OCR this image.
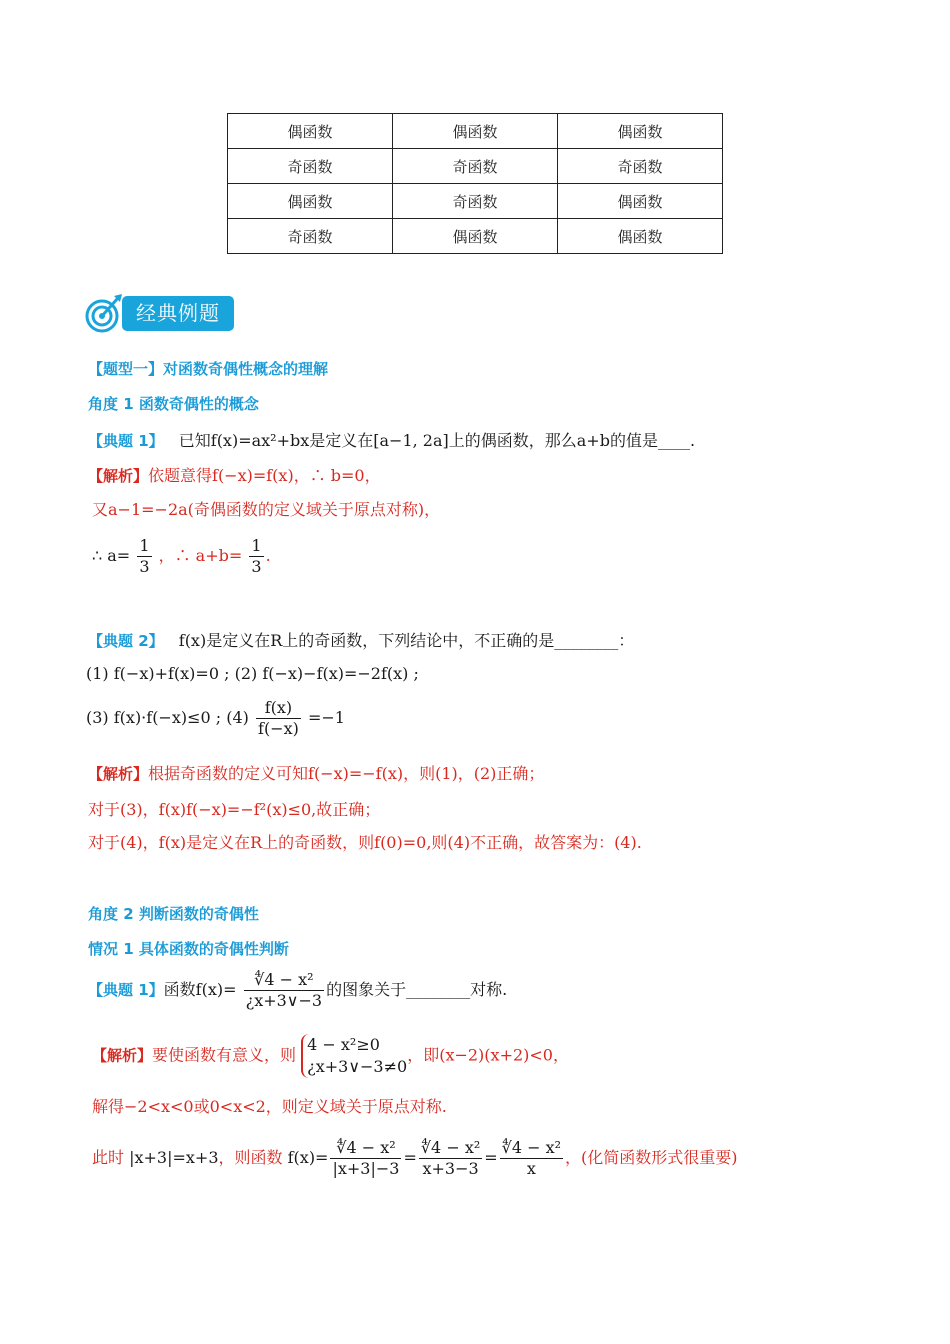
偶函数	偶函数	偶函数
奇函数	奇函数	奇函数
偶函数	奇函数	偶函数
奇函数	偶函数	偶函数
经典例题
【题型一】对函数奇偶性概念的理解
角度 1 函数奇偶性的概念
【典题 1】 已知f(x)=ax²+bx是定义在[a−1, 2a]上的偶函数，那么a+b的值是____.
【解析】依题意得f(−x)=f(x)，∴ b=0，
又a−1=−2a(奇偶函数的定义域关于原点对称)，
∴ $a= \frac{1}{3}$ ，∴ $a+b= \frac{1}{3}$ .
【典题 2】 f(x)是定义在R上的奇函数，下列结论中，不正确的是________：
(1) f(−x)+f(x)=0 ; (2) f(−x)−f(x)=−2f(x) ;
(3) f(x)·f(−x)≤0 ; $(4) \frac{f(x)}{f(-x)} =-1$
【解析】根据奇函数的定义可知f(−x)=−f(x)，则(1)，(2)正确；
对于(3)，f(x)f(−x)=−f²(x)≤0,故正确；
对于(4)，f(x)是定义在R上的奇函数，则f(0)=0,则(4)不正确，故答案为：(4).
角度 2 判断函数的奇偶性
情况 1 具体函数的奇偶性判断
【典题 1】函数$f(x)= \frac{\text{∜4 − x²}}{¿x+3\vee-3}$ 的图象关于________对称.
【解析】要使函数有意义，则
4 − x²≥0
¿x+3∨−3≠0
，即(x−2)(x+2)<0，
解得−2<x<0或0<x<2，则定义域关于原点对称.
此时 |x+3|=x+3，则函数 $f(x)= \frac{\text{∜4 − x²}}{|x+3|-3} = \frac{\text{∜4 − x²}}{x+3-3} = \frac{\text{∜4 − x²}}{x}$ ，(化简函数形式很重要)
